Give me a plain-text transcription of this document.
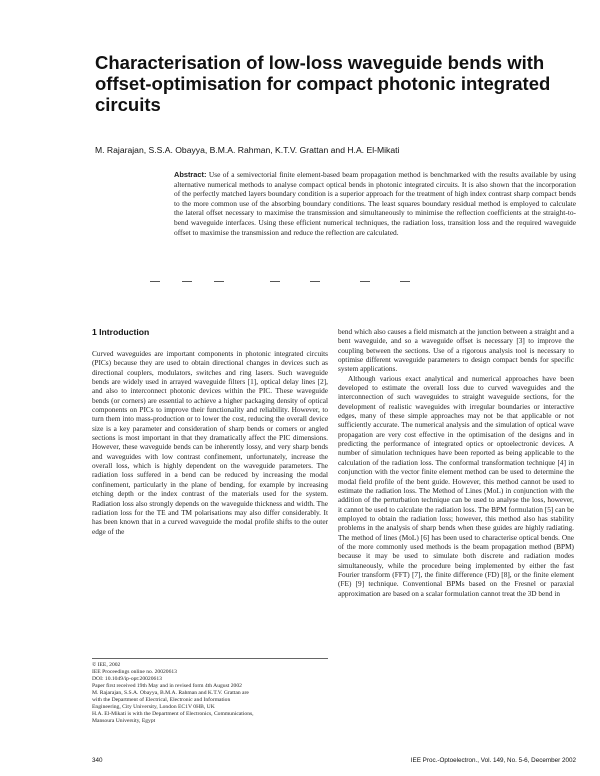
Characterisation of low-loss waveguide bends with offset-optimisation for compact photonic integrated circuits
M. Rajarajan, S.S.A. Obayya, B.M.A. Rahman, K.T.V. Grattan and H.A. El-Mikati
Abstract: Use of a semivectorial finite element-based beam propagation method is benchmarked with the results available by using alternative numerical methods to analyse compact optical bends in photonic integrated circuits. It is also shown that the incorporation of the perfectly matched layers boundary condition is a superior approach for the treatment of high index contrast sharp compact bends to the more common use of the absorbing boundary conditions. The least squares boundary residual method is employed to calculate the lateral offset necessary to maximise the transmission and simultaneously to minimise the reflection coefficients at the straight-to-bend waveguide interfaces. Using these efficient numerical techniques, the radiation loss, transition loss and the required waveguide offset to maximise the transmission and reduce the reflection are calculated.
1 Introduction

Curved waveguides are important components in photonic integrated circuits (PICs) because they are used to obtain directional changes in devices such as directional couplers, modulators, switches and ring lasers. Such waveguide bends are widely used in arrayed waveguide filters [1], optical delay lines [2], and also to interconnect photonic devices within the PIC. These waveguide bends (or corners) are essential to achieve a higher packaging density of optical components on PICs to improve their functionality and reliability. However, to turn them into mass-production or to lower the cost, reducing the overall device size is a key parameter and consideration of sharp bends or corners or angled sections is most important in that they dramatically affect the PIC dimensions. However, these waveguide bends can be inherently lossy, and very sharp bends and waveguides with low contrast confinement, unfortunately, increase the overall loss, which is highly dependent on the waveguide parameters. The radiation loss suffered in a bend can be reduced by increasing the modal confinement, particularly in the plane of bending, for example by increasing etching depth or the index contrast of the materials used for the system. Radiation loss also strongly depends on the waveguide thickness and width. The radiation loss for the TE and TM polarisations may also differ considerably. It has been known that in a curved waveguide the modal profile shifts to the outer edge of the

bend which also causes a field mismatch at the junction between a straight and a bent waveguide, and so a waveguide offset is necessary [3] to improve the coupling between the sections. Use of a rigorous analysis tool is necessary to optimise different waveguide parameters to design compact bends for specific system applications.

Although various exact analytical and numerical approaches have been developed to estimate the overall loss due to curved waveguides and the interconnection of such waveguides to straight waveguide sections, for the development of realistic waveguides with irregular boundaries or interactive edges, many of these simple approaches may not be that applicable or not sufficiently accurate. The numerical analysis and the simulation of optical wave propagation are very cost effective in the optimisation of the designs and in predicting the performance of integrated optics or optoelectronic devices. A number of simulation techniques have been reported as being applicable to the calculation of the radiation loss. The conformal transformation technique [4] in conjunction with the vector finite element method can be used to determine the modal field profile of the bent guide. However, this method cannot be used to estimate the radiation loss. The Method of Lines (MoL) in conjunction with the addition of the perturbation technique can be used to analyse the loss, however, it cannot be used to calculate the radiation loss. The BPM formulation [5] can be employed to obtain the radiation loss; however, this method also has stability problems in the analysis of sharp bends when these guides are highly radiating. The method of lines (MoL) [6] has been used to characterise optical bends. One of the more commonly used methods is the beam propagation method (BPM) because it may be used to simulate both discrete and radiation modes simultaneously, while the procedure being implemented by either the fast Fourier transform (FFT) [7], the finite difference (FD) [8], or the finite element (FE) [9] technique. Conventional BPMs based on the Fresnel or paraxial approximation are based on a scalar formulation cannot treat the 3D bend in

© IEE, 2002
IEE Proceedings online no. 20020613
DOI: 10.1049/ip-opt:20020613
Paper first received 19th May and in revised form 4th August 2002
M. Rajarajan, S.S.A. Obayya, B.M.A. Rahman and K.T.V. Grattan are
with the Department of Electrical, Electronic and Information
Engineering, City University, London EC1V 0HB, UK
H.A. El-Mikati is with the Department of Electronics, Communications,
Mansoura University, Egypt
340	IEE Proc.-Optoelectron., Vol. 149, No. 5-6, December 2002
